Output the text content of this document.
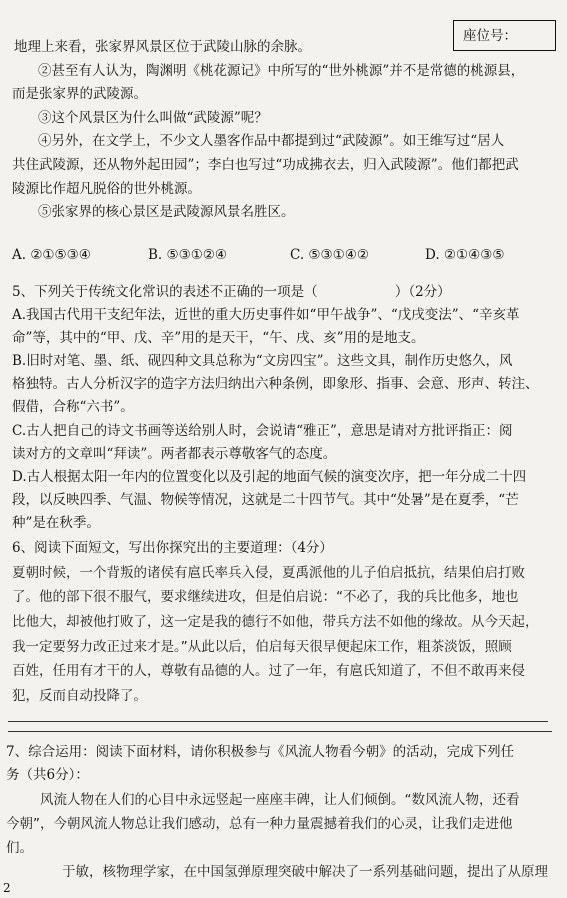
座位号：
地理上来看，张家界风景区位于武陵山脉的余脉。
②甚至有人认为，陶渊明《桃花源记》中所写的“世外桃源”并不是常德的桃源县，
而是张家界的武陵源。
③这个风景区为什么叫做“武陵源”呢？
④另外，在文学上，不少文人墨客作品中都提到过“武陵源”。如王维写过“居人
共住武陵源，还从物外起田园”；李白也写过“功成拂衣去，归入武陵源”。他们都把武
陵源比作超凡脱俗的世外桃源。
⑤张家界的核心景区是武陵源风景名胜区。
A. ②①⑤③④	B. ⑤③①②④	C. ⑤③①④②	D. ②①④③⑤
5、下列关于传统文化常识的表述不正确的一项是（                  ）（2分）
A.我国古代用干支纪年法，近世的重大历史事件如“甲午战争”、“戊戌变法”、“辛亥革
命”等，其中的“甲、戊、辛”用的是天干，“午、戌、亥”用的是地支。
B.旧时对笔、墨、纸、砚四种文具总称为“文房四宝”。这些文具，制作历史悠久，风
格独特。古人分析汉字的造字方法归纳出六种条例，即象形、指事、会意、形声、转注、
假借，合称“六书”。
C.古人把自己的诗文书画等送给别人时，会说请“雅正”，意思是请对方批评指正：阅
读对方的文章叫“拜读”。两者都表示尊敬客气的态度。
D.古人根据太阳一年内的位置变化以及引起的地面气候的演变次序，把一年分成二十四
段，以反映四季、气温、物候等情况，这就是二十四节气。其中“处暑”是在夏季，“芒
种”是在秋季。
6、阅读下面短文，写出你探究出的主要道理：（4分）
夏朝时候，一个背叛的诸侯有扈氏率兵入侵，夏禹派他的儿子伯启抵抗，结果伯启打败
了。他的部下很不服气，要求继续进攻，但是伯启说：“不必了，我的兵比他多，地也
比他大，却被他打败了，这一定是我的德行不如他，带兵方法不如他的缘故。从今天起，
我一定要努力改正过来才是。”从此以后，伯启每天很早便起床工作，粗茶淡饭，照顾
百姓，任用有才干的人，尊敬有品德的人。过了一年，有扈氏知道了，不但不敢再来侵
犯，反而自动投降了。
7、综合运用：阅读下面材料，请你积极参与《风流人物看今朝》的活动，完成下列任
务（共6分）：
风流人物在人们的心目中永远竖起一座座丰碑，让人们倾倒。“数风流人物，还看
今朝”，今朝风流人物总让我们感动，总有一种力量震撼着我们的心灵，让我们走进他
们。
于敏，核物理学家，在中国氢弹原理突破中解决了一系列基础问题，提出了从原理
2
